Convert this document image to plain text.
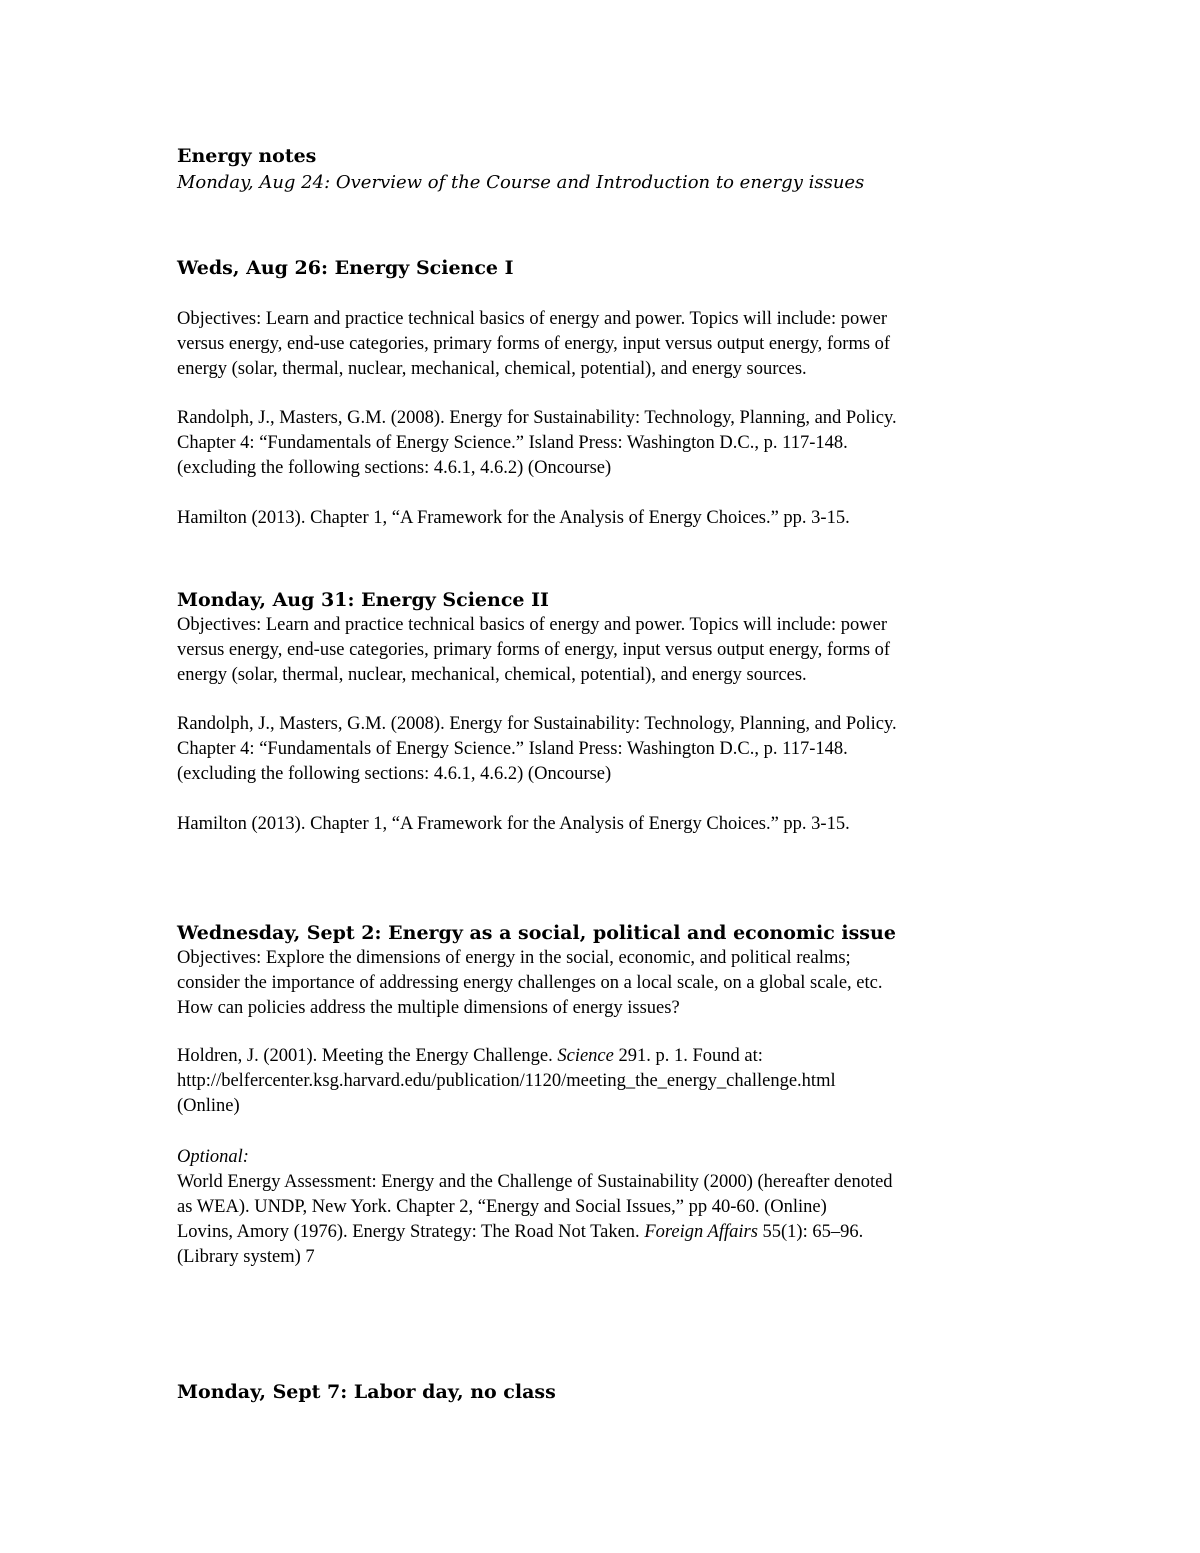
Energy notes
Monday, Aug 24: Overview of the Course and Introduction to energy issues
Weds, Aug 26: Energy Science I
Objectives: Learn and practice technical basics of energy and power. Topics will include: power
versus energy, end-use categories, primary forms of energy, input versus output energy, forms of
energy (solar, thermal, nuclear, mechanical, chemical, potential), and energy sources.
Randolph, J., Masters, G.M. (2008). Energy for Sustainability: Technology, Planning, and Policy.
Chapter 4: “Fundamentals of Energy Science.” Island Press: Washington D.C., p. 117-148.
(excluding the following sections: 4.6.1, 4.6.2) (Oncourse)
Hamilton (2013). Chapter 1, “A Framework for the Analysis of Energy Choices.” pp. 3-15.
Monday, Aug 31: Energy Science II
Objectives: Learn and practice technical basics of energy and power. Topics will include: power
versus energy, end-use categories, primary forms of energy, input versus output energy, forms of
energy (solar, thermal, nuclear, mechanical, chemical, potential), and energy sources.
Randolph, J., Masters, G.M. (2008). Energy for Sustainability: Technology, Planning, and Policy.
Chapter 4: “Fundamentals of Energy Science.” Island Press: Washington D.C., p. 117-148.
(excluding the following sections: 4.6.1, 4.6.2) (Oncourse)
Hamilton (2013). Chapter 1, “A Framework for the Analysis of Energy Choices.” pp. 3-15.
Wednesday, Sept 2: Energy as a social, political and economic issue
Objectives: Explore the dimensions of energy in the social, economic, and political realms;
consider the importance of addressing energy challenges on a local scale, on a global scale, etc.
How can policies address the multiple dimensions of energy issues?
Holdren, J. (2001). Meeting the Energy Challenge. Science 291. p. 1. Found at:
http://belfercenter.ksg.harvard.edu/publication/1120/meeting_the_energy_challenge.html
(Online)
Optional:
World Energy Assessment: Energy and the Challenge of Sustainability (2000) (hereafter denoted
as WEA). UNDP, New York. Chapter 2, “Energy and Social Issues,” pp 40-60. (Online)
Lovins, Amory (1976). Energy Strategy: The Road Not Taken. Foreign Affairs 55(1): 65–96.
(Library system) 7
Monday, Sept 7: Labor day, no class
